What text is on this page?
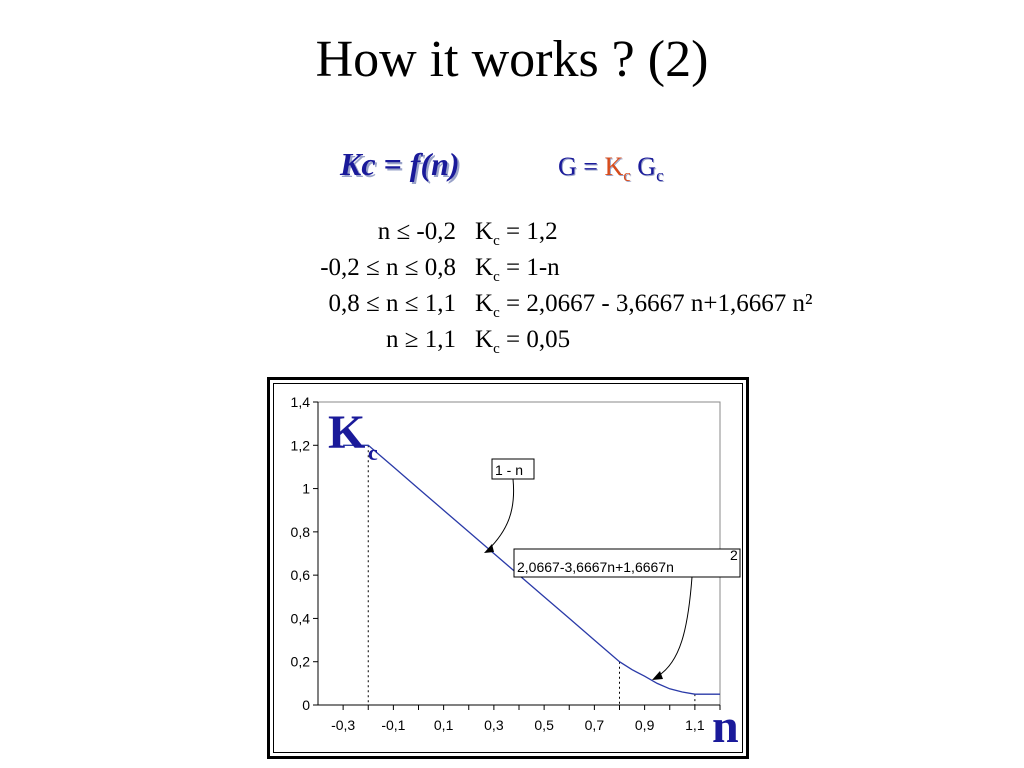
How it works ? (2)
Kc = f(n)	$G = K_c$ $G_c$
n ≤ -0,2 $K_c = 1,2$
-0,2 ≤ n ≤ 0,8 $K_c = 1-n$
0,8 ≤ n ≤ 1,1 $K_c = 2,0667 - 3,6667$ n+1,6667 n²
n ≥ 1,1 $K_c = 0,05$
0
0,2
0,4
0,6
0,8
1
1,2
1,4
-0,3 -0,1 0,1 0,3 0,5 0,7 0,9 1,1
K c
n
1 - n
2,0667-3,6667n+1,6667n
2
